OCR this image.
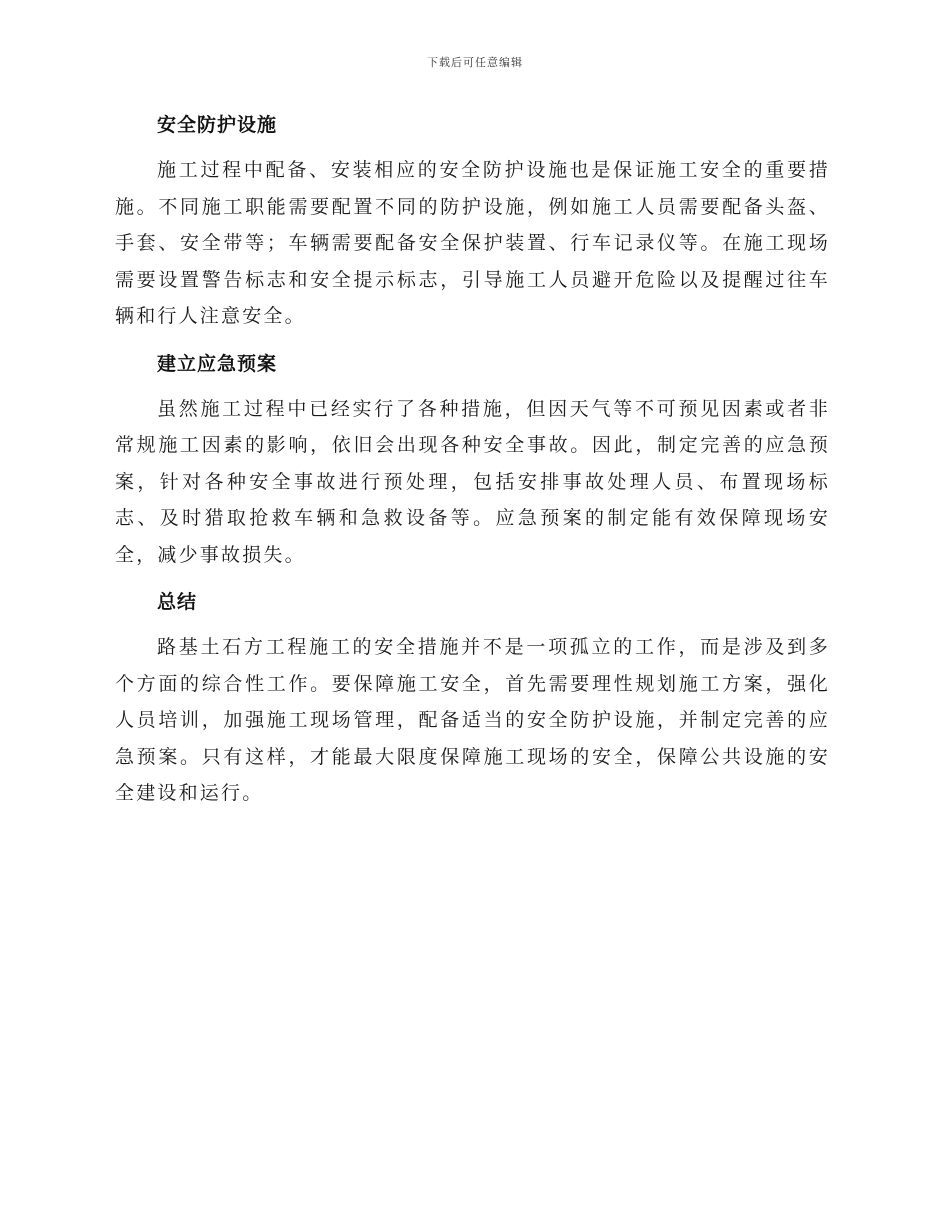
下载后可任意编辑
安全防护设施

施工过程中配备、安装相应的安全防护设施也是保证施工安全的重要措施。不同施工职能需要配置不同的防护设施，例如施工人员需要配备头盔、手套、安全带等；车辆需要配备安全保护装置、行车记录仪等。在施工现场需要设置警告标志和安全提示标志，引导施工人员避开危险以及提醒过往车辆和行人注意安全。

建立应急预案

虽然施工过程中已经实行了各种措施，但因天气等不可预见因素或者非常规施工因素的影响，依旧会出现各种安全事故。因此，制定完善的应急预案，针对各种安全事故进行预处理，包括安排事故处理人员、布置现场标志、及时猎取抢救车辆和急救设备等。应急预案的制定能有效保障现场安全，减少事故损失。

总结

路基土石方工程施工的安全措施并不是一项孤立的工作，而是涉及到多个方面的综合性工作。要保障施工安全，首先需要理性规划施工方案，强化人员培训，加强施工现场管理，配备适当的安全防护设施，并制定完善的应急预案。只有这样，才能最大限度保障施工现场的安全，保障公共设施的安全建设和运行。
